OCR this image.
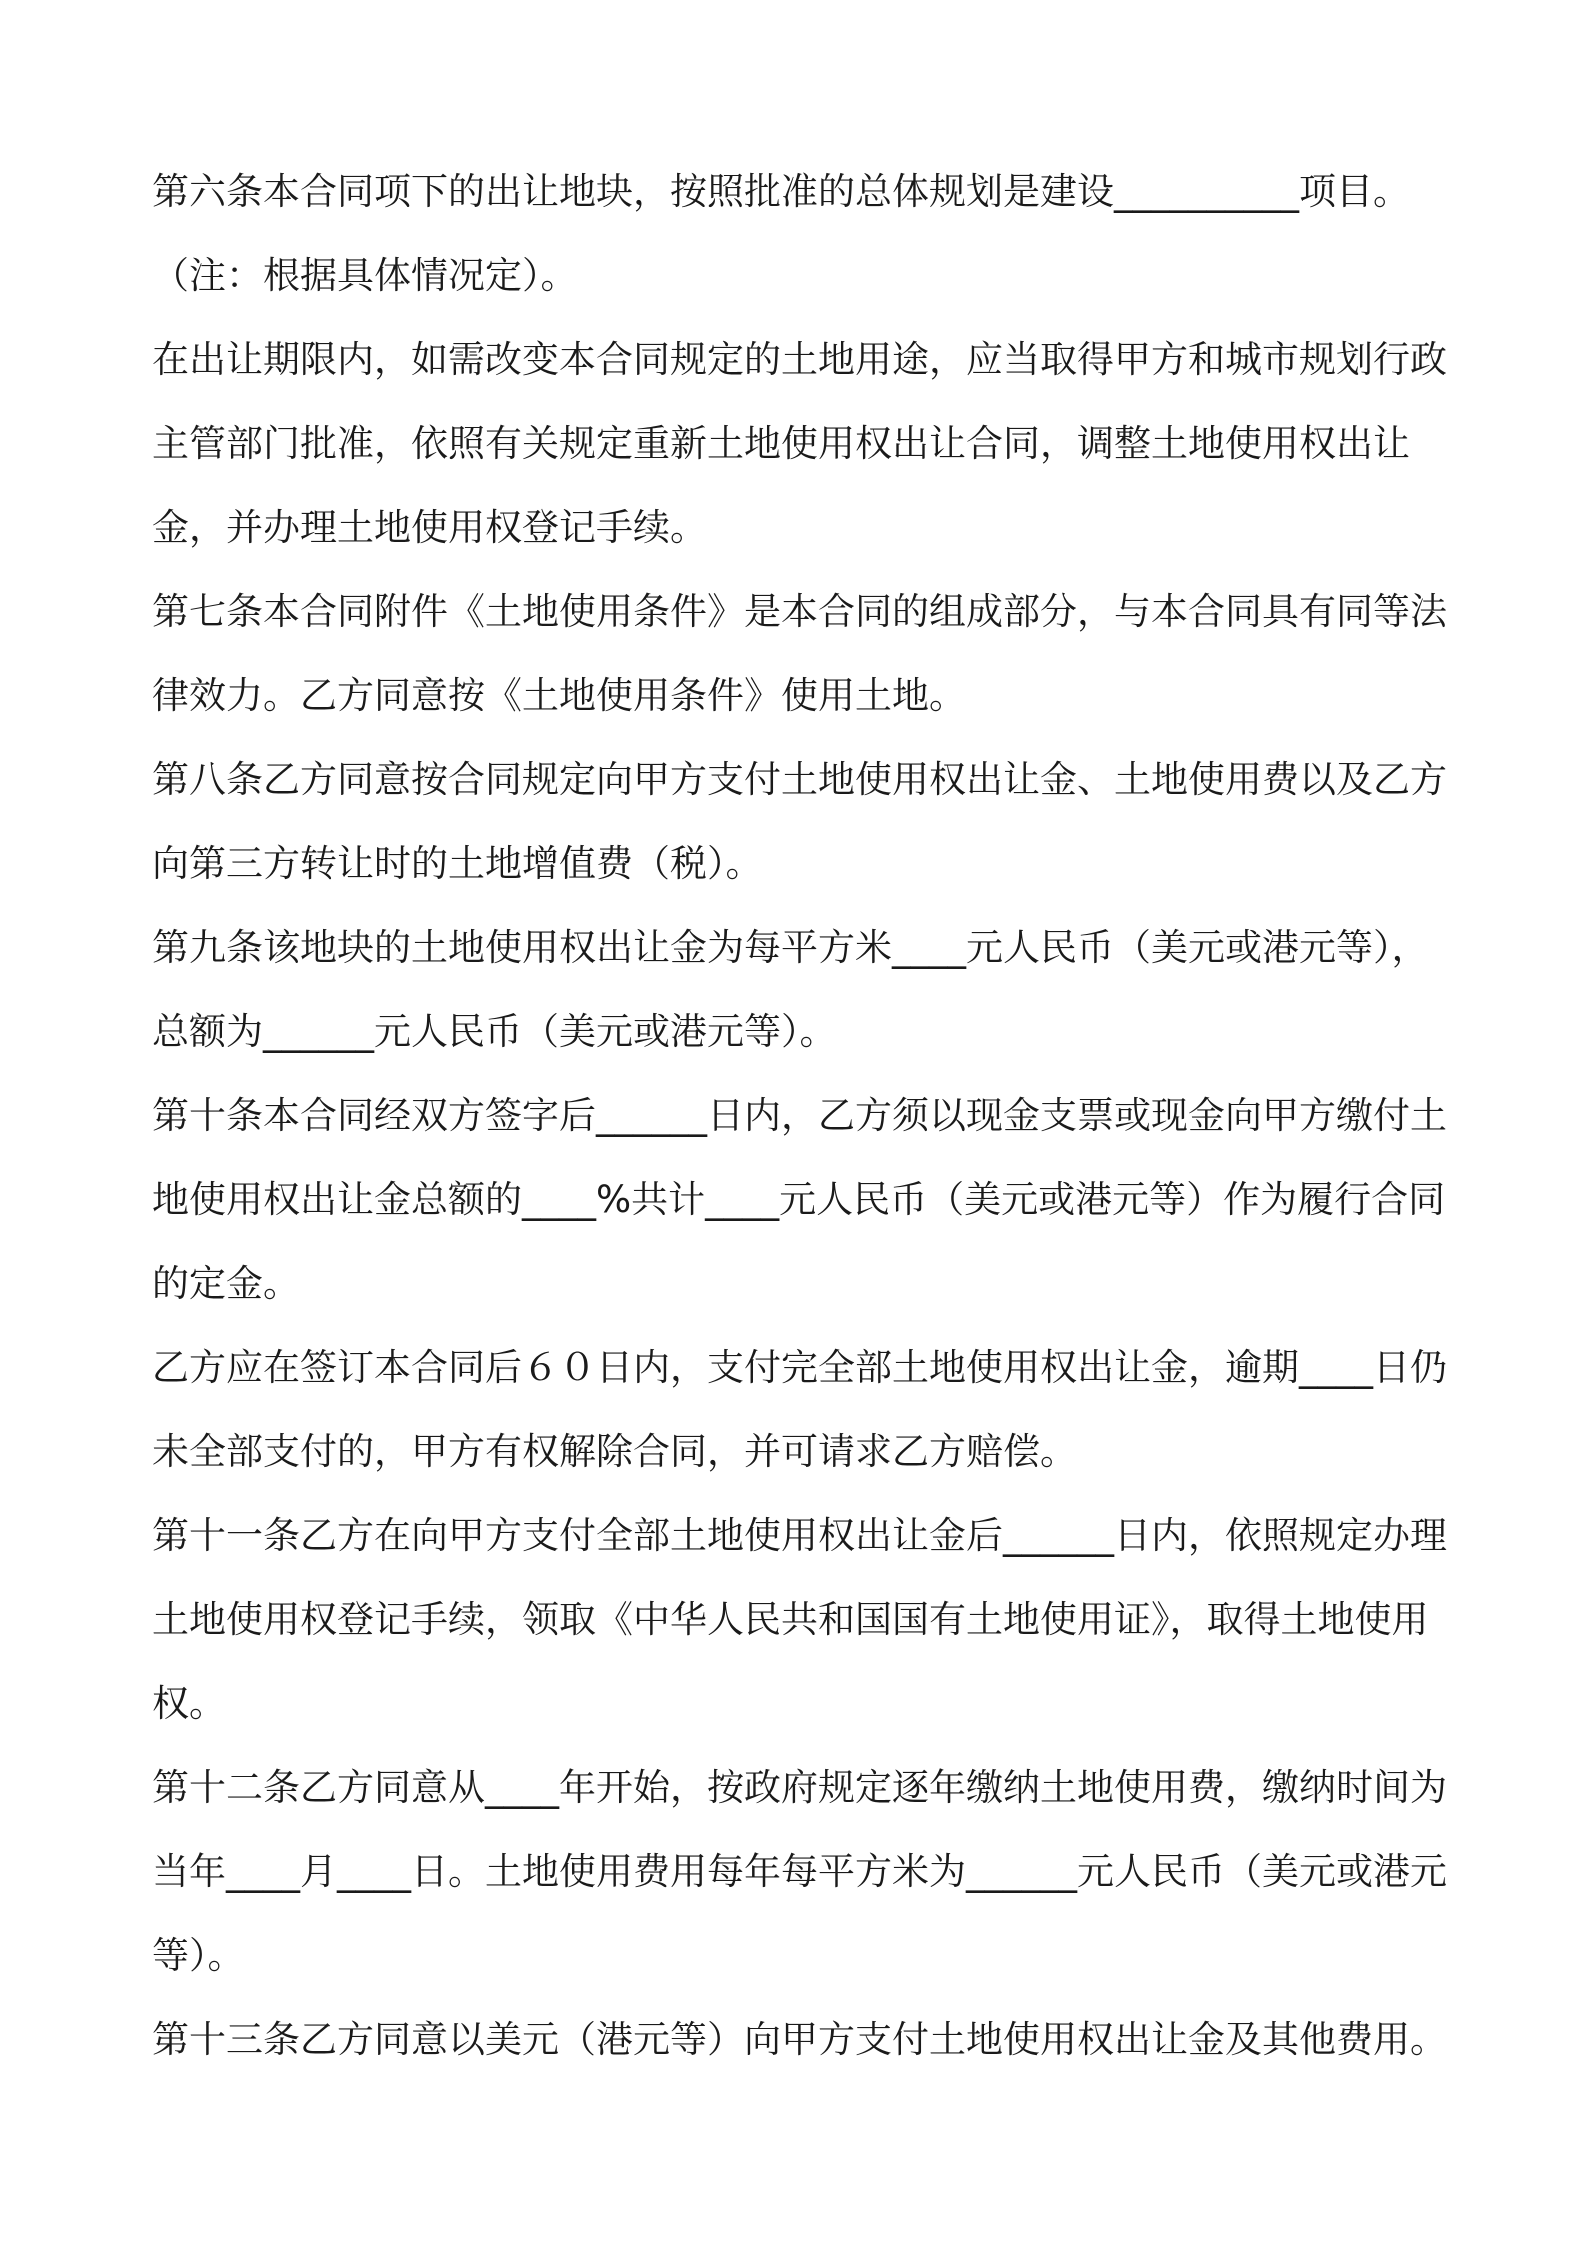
第六条本合同项下的出让地块，按照批准的总体规划是建设__________项目。（注：根据具体情况定）。

在出让期限内，如需改变本合同规定的土地用途，应当取得甲方和城市规划行政主管部门批准，依照有关规定重新土地使用权出让合同，调整土地使用权出让金，并办理土地使用权登记手续。

第七条本合同附件《土地使用条件》是本合同的组成部分，与本合同具有同等法律效力。乙方同意按《土地使用条件》使用土地。

第八条乙方同意按合同规定向甲方支付土地使用权出让金、土地使用费以及乙方向第三方转让时的土地增值费（税）。

第九条该地块的土地使用权出让金为每平方米____元人民币（美元或港元等），总额为______元人民币（美元或港元等）。

第十条本合同经双方签字后______日内，乙方须以现金支票或现金向甲方缴付土地使用权出让金总额的____%共计____元人民币（美元或港元等）作为履行合同的定金。

乙方应在签订本合同后６０日内，支付完全部土地使用权出让金，逾期____日仍未全部支付的，甲方有权解除合同，并可请求乙方赔偿。

第十一条乙方在向甲方支付全部土地使用权出让金后______日内，依照规定办理土地使用权登记手续，领取《中华人民共和国国有土地使用证》，取得土地使用权。

第十二条乙方同意从____年开始，按政府规定逐年缴纳土地使用费，缴纳时间为当年____月____日。土地使用费用每年每平方米为______元人民币（美元或港元等）。

第十三条乙方同意以美元（港元等）向甲方支付土地使用权出让金及其他费用。
